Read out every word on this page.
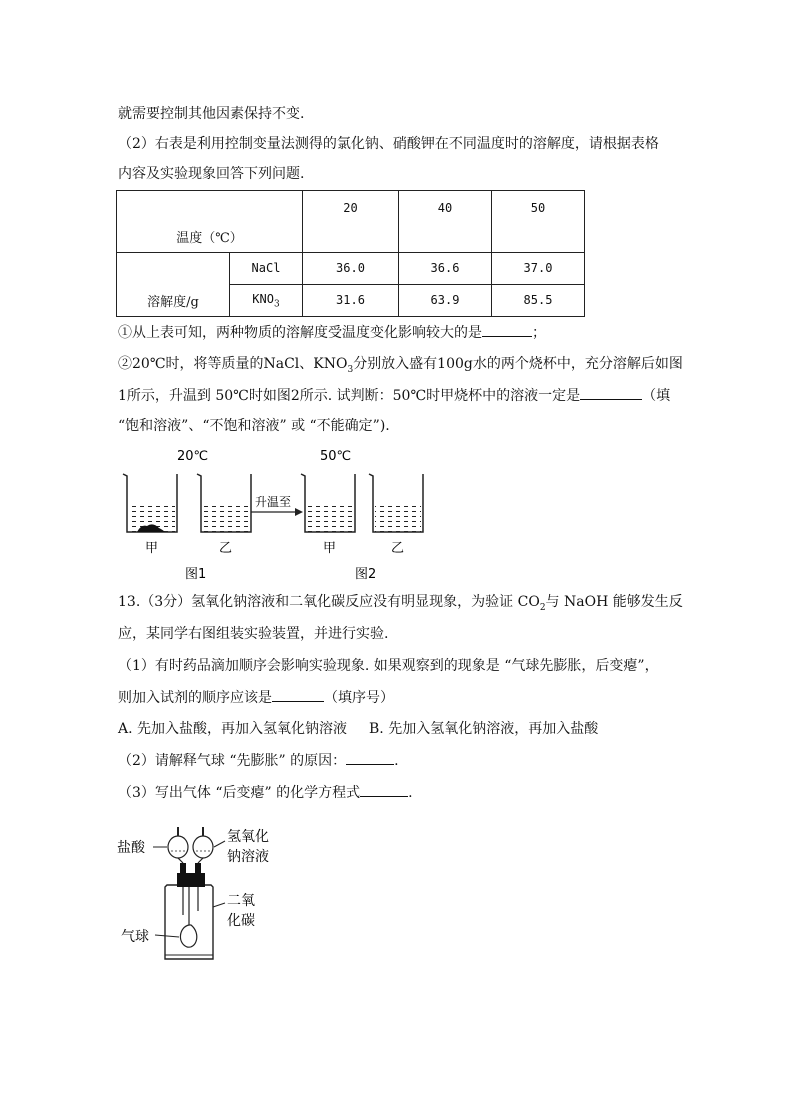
就需要控制其他因素保持不变.
（2）右表是利用控制变量法测得的氯化钠、硝酸钾在不同温度时的溶解度，请根据表格
内容及实验现象回答下列问题.
温度（℃）		20	40	50
溶解度/g	NaCl	36.0	36.6	37.0
	$KNO_3$	31.6	63.9	85.5
①从上表可知，两种物质的溶解度受温度变化影响较大的是	；
②20℃时，将等质量的NaCl、$KNO_3$分别放入盛有100g水的两个烧杯中，充分溶解后如图
1所示，升温到 50℃时如图2所示. 试判断：50℃时甲烧杯中的溶液一定是	（填
“饱和溶液”、“不饱和溶液” 或 “不能确定”).
20℃	50℃
升温至
甲	乙	甲	乙
图1	图2
13.（3分）氢氧化钠溶液和二氧化碳反应没有明显现象，为验证 $CO_2$与 NaOH 能够发生反
应，某同学右图组装实验装置，并进行实验.
（1）有时药品滴加顺序会影响实验现象. 如果观察到的现象是 “气球先膨胀，后变瘪”，
则加入试剂的顺序应该是	（填序号）
A. 先加入盐酸，再加入氢氧化钠溶液 B. 先加入氢氧化钠溶液，再加入盐酸
（2）请解释气球 “先膨胀” 的原因：	.
（3）写出气体 “后变瘪” 的化学方程式	.
盐酸
氢氧化
钠溶液
二氧
化碳
气球
